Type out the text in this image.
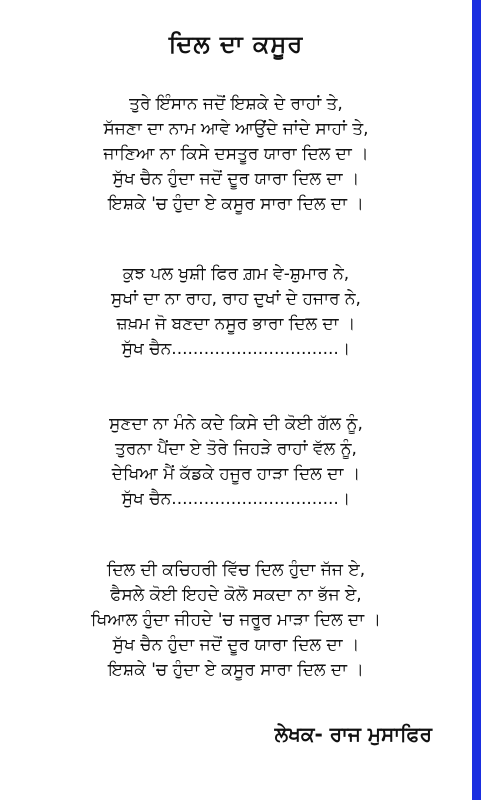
ਦਿਲ ਦਾ ਕਸੂਰ
ਤੁਰੇ ਇੰਸਾਨ ਜਦੋਂ ਇਸ਼ਕੇ ਦੇ ਰਾਹਾਂ ਤੇ,
ਸੱਜਣਾ ਦਾ ਨਾਮ ਆਵੇ ਆਉਂਦੇ ਜਾਂਦੇ ਸਾਹਾਂ ਤੇ,
ਜਾਣਿਆ ਨਾ ਕਿਸੇ ਦਸਤੂਰ ਯਾਰਾ ਦਿਲ ਦਾ ।
ਸੁੱਖ ਚੈਨ ਹੁੰਦਾ ਜਦੋਂ ਦੂਰ ਯਾਰਾ ਦਿਲ ਦਾ ।
ਇਸ਼ਕੇ 'ਚ ਹੁੰਦਾ ਏ ਕਸੂਰ ਸਾਰਾ ਦਿਲ ਦਾ ।
ਕੁਝ ਪਲ ਖੁਸ਼ੀ ਫਿਰ ਗ਼ਮ ਵੇ-ਸ਼ੁਮਾਰ ਨੇ,
ਸੁਖਾਂ ਦਾ ਨਾ ਰਾਹ, ਰਾਹ ਦੁਖਾਂ ਦੇ ਹਜਾਰ ਨੇ,
ਜ਼ਖ਼ਮ ਜੋ ਬਣਦਾ ਨਸੂਰ ਭਾਰਾ ਦਿਲ ਦਾ ।
ਸੁੱਖ ਚੈਨ...............................।
ਸੁਣਦਾ ਨਾ ਮੰਨੇ ਕਦੇ ਕਿਸੇ ਦੀ ਕੋਈ ਗੱਲ ਨੂੰ,
ਤੁਰਨਾ ਪੈਂਦਾ ਏ ਤੋਰੇ ਜਿਹੜੇ ਰਾਹਾਂ ਵੱਲ ਨੂੰ,
ਦੇਖਿਆ ਮੈਂ ਕੱਡਕੇ ਹਜੂਰ ਹਾੜਾ ਦਿਲ ਦਾ ।
ਸੁੱਖ ਚੈਨ...............................।
ਦਿਲ ਦੀ ਕਚਿਹਰੀ ਵਿੱਚ ਦਿਲ ਹੁੰਦਾ ਜੱਜ ਏ,
ਫੈਸਲੇ ਕੋਈ ਇਹਦੇ ਕੋਲੋ ਸਕਦਾ ਨਾ ਭੱਜ ਏ,
ਖਿਆਲ ਹੁੰਦਾ ਜੀਹਦੇ 'ਚ ਜਰੂਰ ਮਾੜਾ ਦਿਲ ਦਾ ।
ਸੁੱਖ ਚੈਨ ਹੁੰਦਾ ਜਦੋਂ ਦੂਰ ਯਾਰਾ ਦਿਲ ਦਾ ।
ਇਸ਼ਕੇ 'ਚ ਹੁੰਦਾ ਏ ਕਸੂਰ ਸਾਰਾ ਦਿਲ ਦਾ ।
ਲੇਖਕ- ਰਾਜ ਮੁਸਾਫਿਰ
